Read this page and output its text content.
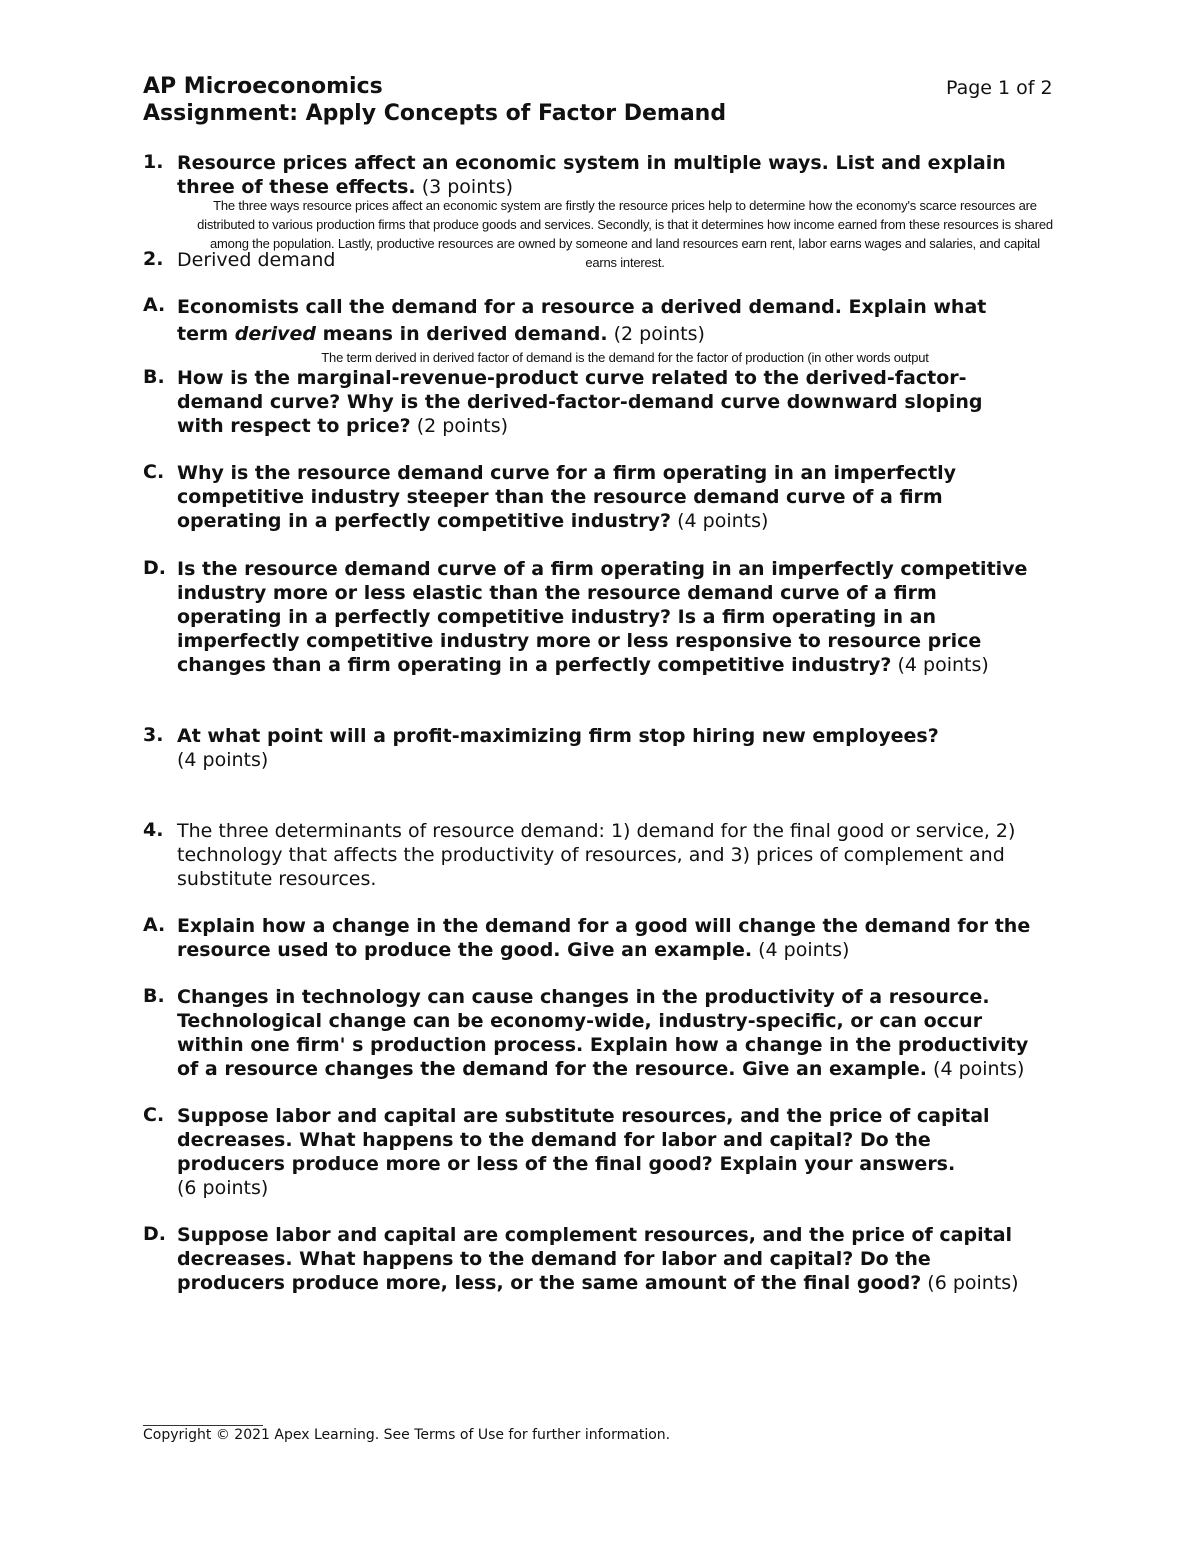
AP Microeconomics	Page 1 of 2
Assignment: Apply Concepts of Factor Demand
1. Resource prices affect an economic system in multiple ways. List and explain
three of these effects. (3 points)
The three ways resource prices affect an economic system are firstly the resource prices help to determine how the economy's scarce resources are
distributed to various production firms that produce goods and services. Secondly, is that it determines how income earned from these resources is shared
among the population. Lastly, productive resources are owned by someone and land resources earn rent, labor earns wages and salaries, and capital
earns interest.
2. Derived demand
A. Economists call the demand for a resource a derived demand. Explain what
term derived means in derived demand. (2 points)
The term derived in derived factor of demand is the demand for the factor of production (in other words output
B. How is the marginal-revenue-product curve related to the derived-factor-
demand curve? Why is the derived-factor-demand curve downward sloping
with respect to price? (2 points)
C. Why is the resource demand curve for a firm operating in an imperfectly
competitive industry steeper than the resource demand curve of a firm
operating in a perfectly competitive industry? (4 points)
D. Is the resource demand curve of a firm operating in an imperfectly competitive
industry more or less elastic than the resource demand curve of a firm
operating in a perfectly competitive industry? Is a firm operating in an
imperfectly competitive industry more or less responsive to resource price
changes than a firm operating in a perfectly competitive industry? (4 points)
3. At what point will a profit-maximizing firm stop hiring new employees?
(4 points)
4. The three determinants of resource demand: 1) demand for the final good or service, 2)
technology that affects the productivity of resources, and 3) prices of complement and
substitute resources.
A. Explain how a change in the demand for a good will change the demand for the
resource used to produce the good. Give an example. (4 points)
B. Changes in technology can cause changes in the productivity of a resource.
Technological change can be economy-wide, industry-specific, or can occur
within one firm' s production process. Explain how a change in the productivity
of a resource changes the demand for the resource. Give an example. (4 points)
C. Suppose labor and capital are substitute resources, and the price of capital
decreases. What happens to the demand for labor and capital? Do the
producers produce more or less of the final good? Explain your answers.
(6 points)
D. Suppose labor and capital are complement resources, and the price of capital
decreases. What happens to the demand for labor and capital? Do the
producers produce more, less, or the same amount of the final good? (6 points)
Copyright © 2021 Apex Learning. See Terms of Use for further information.
